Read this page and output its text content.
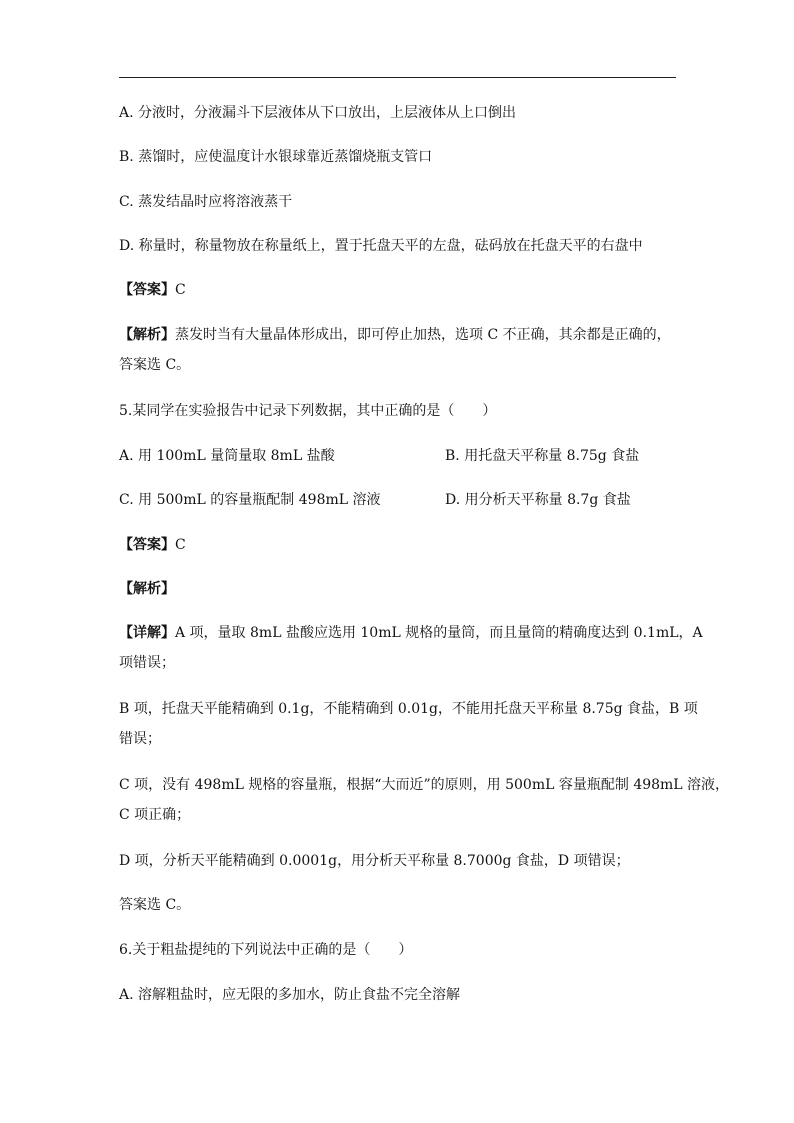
A. 分液时，分液漏斗下层液体从下口放出，上层液体从上口倒出
B. 蒸馏时，应使温度计水银球靠近蒸馏烧瓶支管口
C. 蒸发结晶时应将溶液蒸干
D. 称量时，称量物放在称量纸上，置于托盘天平的左盘，砝码放在托盘天平的右盘中
【答案】C
【解析】蒸发时当有大量晶体形成出，即可停止加热，选项 C 不正确，其余都是正确的，
答案选 C。
5.某同学在实验报告中记录下列数据，其中正确的是（　　）
A. 用 100mL 量筒量取 8mL 盐酸	B. 用托盘天平称量 8.75g 食盐
C. 用 500mL 的容量瓶配制 498mL 溶液	D. 用分析天平称量 8.7g 食盐
【答案】C
【解析】
【详解】A 项，量取 8mL 盐酸应选用 10mL 规格的量筒，而且量筒的精确度达到 0.1mL，A
项错误；
B 项，托盘天平能精确到 0.1g，不能精确到 0.01g，不能用托盘天平称量 8.75g 食盐，B 项
错误；
C 项，没有 498mL 规格的容量瓶，根据“大而近”的原则，用 500mL 容量瓶配制 498mL 溶液，
C 项正确；
D 项，分析天平能精确到 0.0001g，用分析天平称量 8.7000g 食盐，D 项错误；
答案选 C。
6.关于粗盐提纯的下列说法中正确的是（　　）
A. 溶解粗盐时，应无限的多加水，防止食盐不完全溶解
